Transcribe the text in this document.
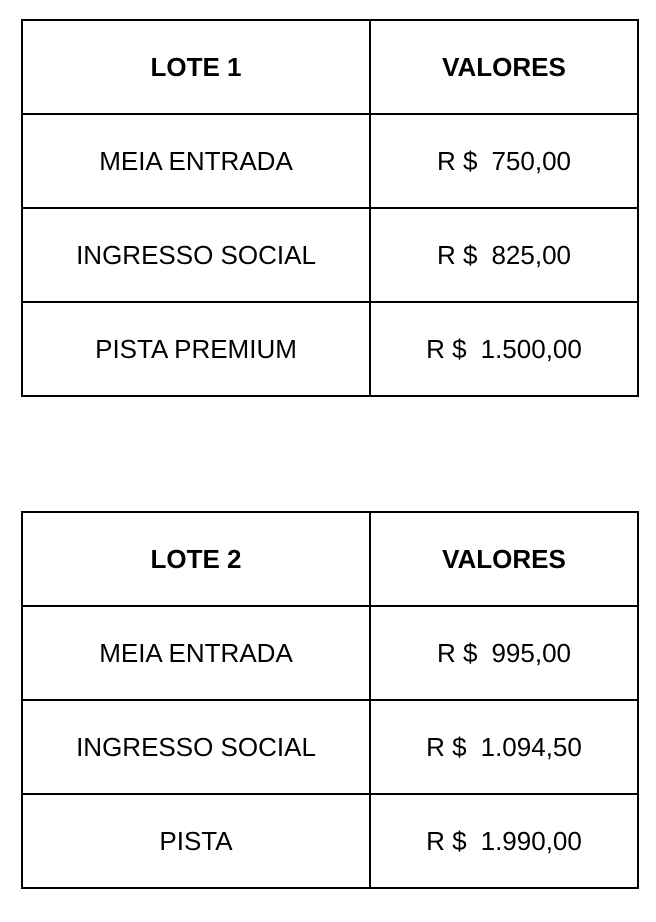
LOTE 1	VALORES
MEIA ENTRADA	R $ 750,00
INGRESSO SOCIAL	R $ 825,00
PISTA PREMIUM	R $ 1.500,00
LOTE 2	VALORES
MEIA ENTRADA	R $ 995,00
INGRESSO SOCIAL	R $ 1.094,50
PISTA	R $ 1.990,00
